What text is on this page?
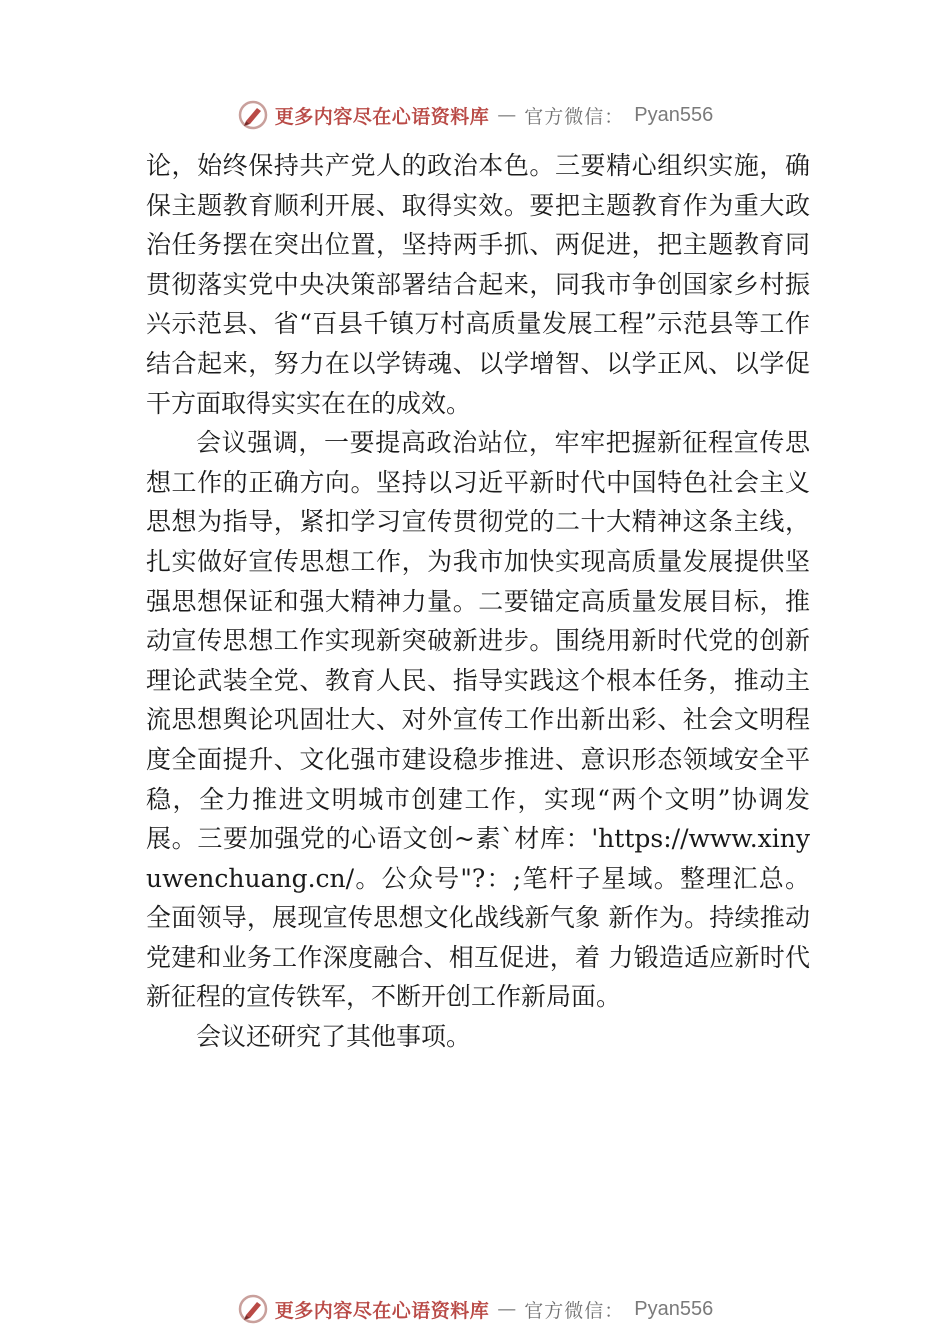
更多内容尽在心语资料库 — 官方微信： Pyan556

论，始终保持共产党人的政治本色。三要精心组织实施，确保主题教育顺利开展、取得实效。要把主题教育作为重大政治任务摆在突出位置，坚持两手抓、两促进，把主题教育同贯彻落实党中央决策部署结合起来，同我市争创国家乡村振兴示范县、省“百县千镇万村高质量发展工程”示范县等工作结合起来，努力在以学铸魂、以学增智、以学正风、以学促干方面取得实实在在的成效。

会议强调，一要提高政治站位，牢牢把握新征程宣传思想工作的正确方向。坚持以习近平新时代中国特色社会主义思想为指导，紧扣学习宣传贯彻党的二十大精神这条主线，扎实做好宣传思想工作，为我市加快实现高质量发展提供坚强思想保证和强大精神力量。二要锚定高质量发展目标，推动宣传思想工作实现新突破新进步。围绕用新时代党的创新理论武装全党、教育人民、指导实践这个根本任务，推动主流思想舆论巩固壮大、对外宣传工作出新出彩、社会文明程度全面提升、文化强市建设稳步推进、意识形态领域安全平稳，全力推进文明城市创建工作，实现“两个文明”协调发展。三要加强党的心语文创~素`材库：'https://www.xinyuwenchuang.cn/。公众号"?：;笔杆子星域。整理汇总。全面领导，展现宣传思想文化战线新气象 新作为。持续推动党建和业务工作深度融合、相互促进，着 力锻造适应新时代新征程的宣传铁军，不断开创工作新局面。

会议还研究了其他事项。

更多内容尽在心语资料库 — 官方微信： Pyan556
